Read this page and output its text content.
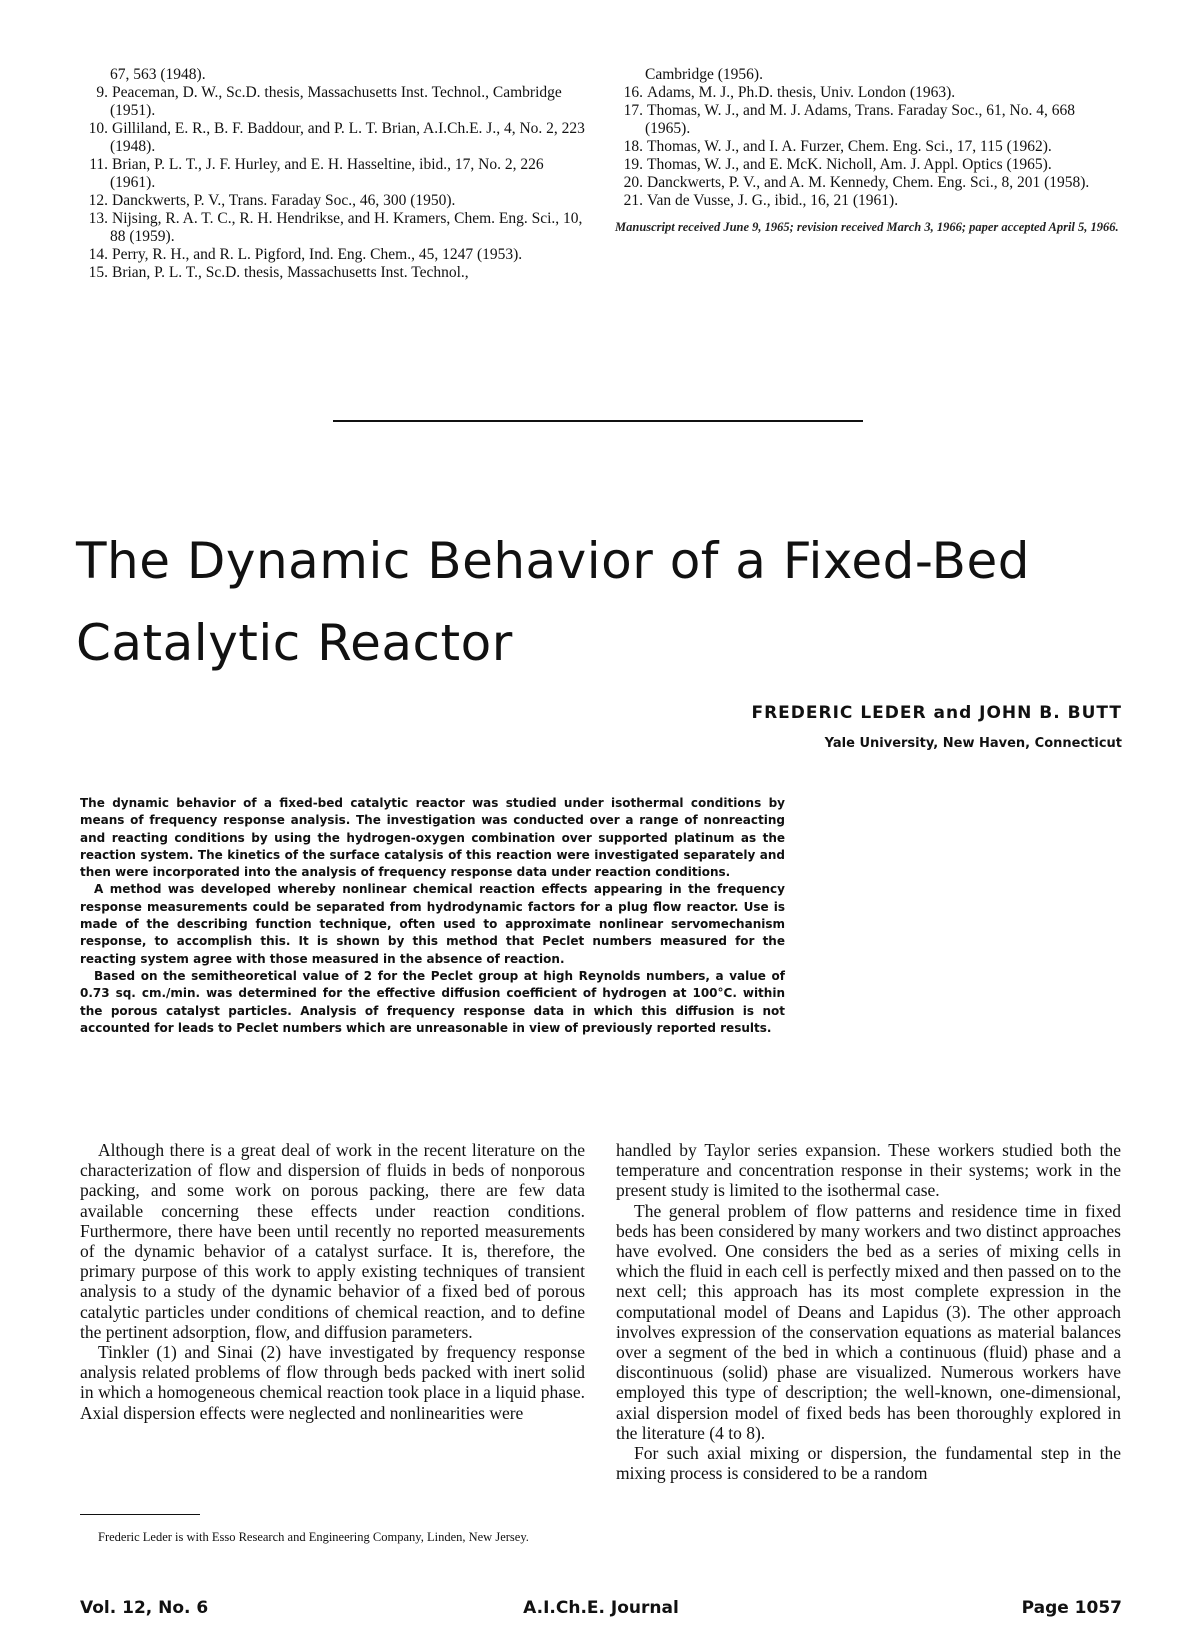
67, 563 (1948).

9. Peaceman, D. W., Sc.D. thesis, Massachusetts Inst. Technol., Cambridge (1951).

10. Gilliland, E. R., B. F. Baddour, and P. L. T. Brian, A.I.Ch.E. J., 4, No. 2, 223 (1948).

11. Brian, P. L. T., J. F. Hurley, and E. H. Hasseltine, ibid., 17, No. 2, 226 (1961).

12. Danckwerts, P. V., Trans. Faraday Soc., 46, 300 (1950).

13. Nijsing, R. A. T. C., R. H. Hendrikse, and H. Kramers, Chem. Eng. Sci., 10, 88 (1959).

14. Perry, R. H., and R. L. Pigford, Ind. Eng. Chem., 45, 1247 (1953).

15. Brian, P. L. T., Sc.D. thesis, Massachusetts Inst. Technol.,

Cambridge (1956).

16. Adams, M. J., Ph.D. thesis, Univ. London (1963).

17. Thomas, W. J., and M. J. Adams, Trans. Faraday Soc., 61, No. 4, 668 (1965).

18. Thomas, W. J., and I. A. Furzer, Chem. Eng. Sci., 17, 115 (1962).

19. Thomas, W. J., and E. McK. Nicholl, Am. J. Appl. Optics (1965).

20. Danckwerts, P. V., and A. M. Kennedy, Chem. Eng. Sci., 8, 201 (1958).

21. Van de Vusse, J. G., ibid., 16, 21 (1961).

Manuscript received June 9, 1965; revision received March 3, 1966; paper accepted April 5, 1966.

The Dynamic Behavior of a Fixed-Bed
Catalytic Reactor
FREDERIC LEDER and JOHN B. BUTT
Yale University, New Haven, Connecticut

The dynamic behavior of a fixed-bed catalytic reactor was studied under isothermal conditions by means of frequency response analysis. The investigation was conducted over a range of nonreacting and reacting conditions by using the hydrogen-oxygen combination over supported platinum as the reaction system. The kinetics of the surface catalysis of this reaction were investigated separately and then were incorporated into the analysis of frequency response data under reaction conditions.

A method was developed whereby nonlinear chemical reaction effects appearing in the frequency response measurements could be separated from hydrodynamic factors for a plug flow reactor. Use is made of the describing function technique, often used to approximate nonlinear servomechanism response, to accomplish this. It is shown by this method that Peclet numbers measured for the reacting system agree with those measured in the absence of reaction.

Based on the semitheoretical value of 2 for the Peclet group at high Reynolds numbers, a value of 0.73 sq. cm./min. was determined for the effective diffusion coefficient of hydrogen at 100°C. within the porous catalyst particles. Analysis of frequency response data in which this diffusion is not accounted for leads to Peclet numbers which are unreasonable in view of previously reported results.

Although there is a great deal of work in the recent literature on the characterization of flow and dispersion of fluids in beds of nonporous packing, and some work on porous packing, there are few data available concerning these effects under reaction conditions. Furthermore, there have been until recently no reported measurements of the dynamic behavior of a catalyst surface. It is, therefore, the primary purpose of this work to apply existing techniques of transient analysis to a study of the dynamic behavior of a fixed bed of porous catalytic particles under conditions of chemical reaction, and to define the pertinent adsorption, flow, and diffusion parameters.

Tinkler (1) and Sinai (2) have investigated by frequency response analysis related problems of flow through beds packed with inert solid in which a homogeneous chemical reaction took place in a liquid phase. Axial dispersion effects were neglected and nonlinearities were

handled by Taylor series expansion. These workers studied both the temperature and concentration response in their systems; work in the present study is limited to the isothermal case.

The general problem of flow patterns and residence time in fixed beds has been considered by many workers and two distinct approaches have evolved. One considers the bed as a series of mixing cells in which the fluid in each cell is perfectly mixed and then passed on to the next cell; this approach has its most complete expression in the computational model of Deans and Lapidus (3). The other approach involves expression of the conservation equations as material balances over a segment of the bed in which a continuous (fluid) phase and a discontinuous (solid) phase are visualized. Numerous workers have employed this type of description; the well-known, one-dimensional, axial dispersion model of fixed beds has been thoroughly explored in the literature (4 to 8).

For such axial mixing or dispersion, the fundamental step in the mixing process is considered to be a random

Frederic Leder is with Esso Research and Engineering Company, Linden, New Jersey.

Vol. 12, No. 6	A.I.Ch.E. Journal	Page 1057
